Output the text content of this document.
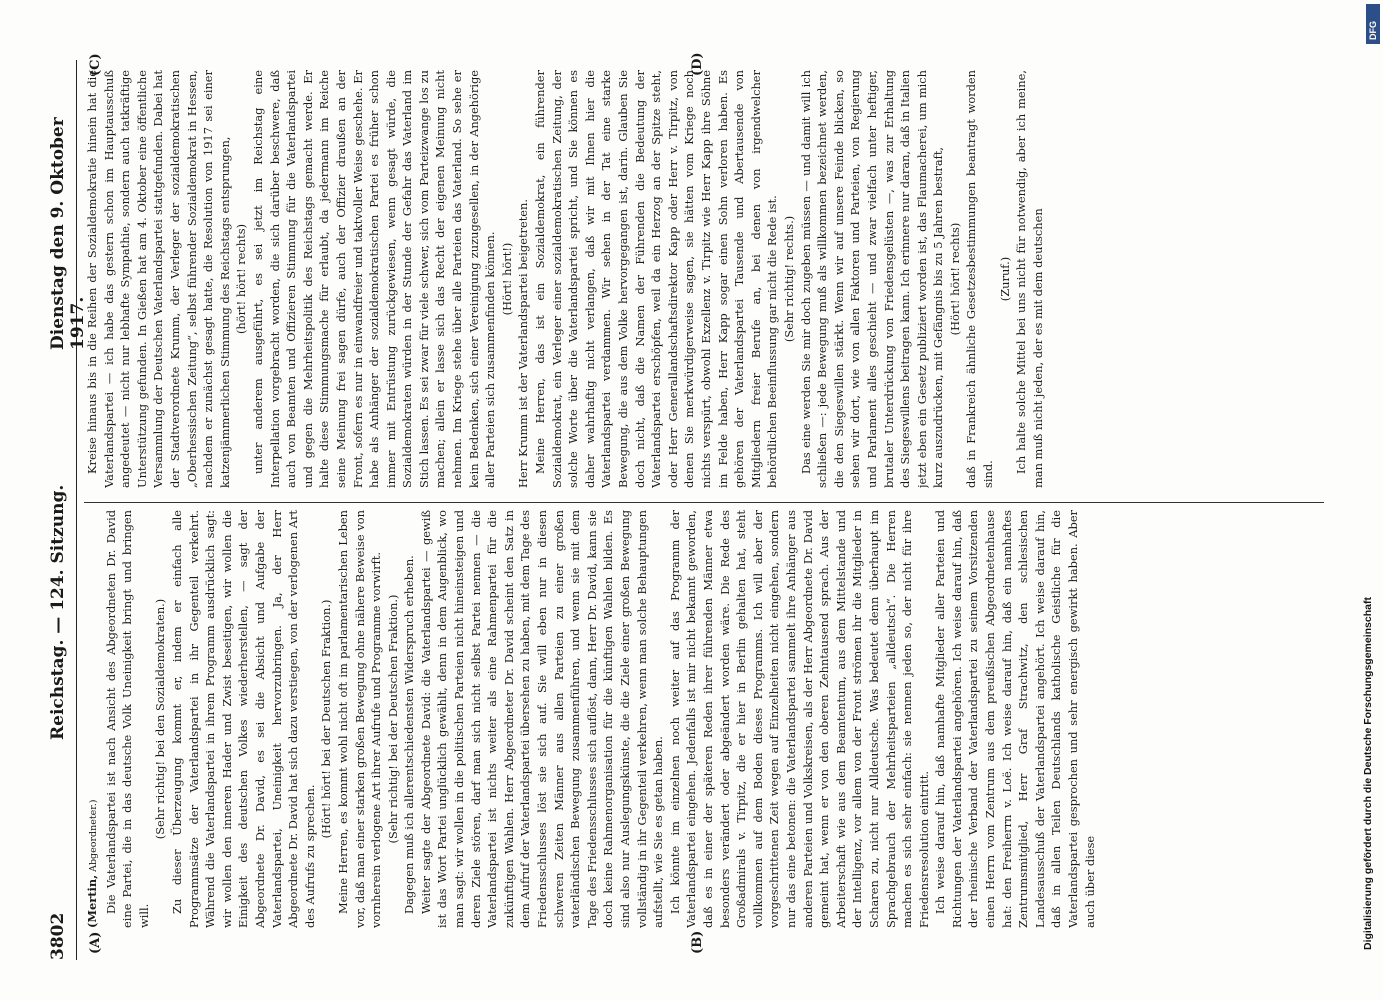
3802
Reichstag. — 124. Sitzung.
Dienstag den 9. Oktober 1917.
(A)	(B)
(C)	(D)

(Mertin, Abgeordneter.) Die Vaterlandspartei ist nach Ansicht des Abgeordneten Dr. David eine Partei, die in das deutsche Volk Uneinigkeit bringt und bringen will.

(Sehr richtig! bei den Sozialdemokraten.) Zu dieser Überzeugung kommt er, indem er einfach alle Programmsätze der Vaterlandspartei in ihr Gegenteil verkehrt. Während die Vaterlandspartei in ihrem Programm ausdrücklich sagt: wir wollen den inneren Hader und Zwist beseitigen, wir wollen die Einigkeit des deutschen Volkes wiederherstellen, — sagt der Abgeordnete Dr. David, es sei die Absicht und Aufgabe der Vaterlandspartei, Uneinigkeit hervorzubringen. Ja, der Herr Abgeordnete Dr. David hat sich dazu verstiegen, von der verlogenen Art des Aufrufs zu sprechen.

(Hört! hört! bei der Deutschen Fraktion.) Meine Herren, es kommt wohl nicht oft im parlamentarischen Leben vor, daß man einer starken großen Bewegung ohne nähere Beweise von vornherein verlogene Art ihrer Aufrufe und Programme vorwirft. (Sehr richtig! bei der Deutschen Fraktion.) Dagegen muß ich allerentschiedensten Widerspruch erheben. Weiter sagte der Abgeordnete David: die Vaterlandspartei — gewiß ist das Wort Partei unglücklich gewählt, denn in dem Augenblick, wo man sagt: wir wollen in die politischen Parteien nicht hineinsteigen und deren Ziele stören, darf man sich nicht selbst Partei nennen — die Vaterlandspartei ist nichts weiter als eine Rahmenpartei für die zukünftigen Wahlen. Herr Abgeordneter Dr. David scheint den Satz in dem Aufruf der Vaterlandspartei übersehen zu haben, mit dem Tage des Friedensschlusses löst sie sich auf. Sie will eben nur in diesen schweren Zeiten Männer aus allen Parteien zu einer großen vaterländischen Bewegung zusammenführen, und wenn sie mit dem Tage des Friedensschlusses sich auflöst, dann, Herr Dr. David, kann sie doch keine Rahmenorganisation für die künftigen Wahlen bilden. Es sind also nur Auslegungskünste, die die Ziele einer großen Bewegung vollständig in ihr Gegenteil verkehren, wenn man solche Behauptungen aufstellt, wie Sie es getan haben. Ich könnte im einzelnen noch weiter auf das Programm der Vaterlandspartei eingehen. Jedenfalls ist mir nicht bekannt geworden, daß es in einer der späteren Reden ihrer führenden Männer etwa besonders verändert oder abgeändert worden wäre. Die Rede des Großadmirals v. Tirpitz, die er hier in Berlin gehalten hat, steht vollkommen auf dem Boden dieses Programms. Ich will aber der vorgeschrittenen Zeit wegen auf Einzelheiten nicht eingehen, sondern nur das eine betonen: die Vaterlandspartei sammelt ihre Anhänger aus anderen Parteien und Volkskreisen, als der Herr Abgeordnete Dr. David gemeint hat, wenn er von den oberen Zehntausend sprach. Aus der Arbeiterschaft wie aus dem Beamtentum, aus dem Mittelstande und der Intelligenz, vor allem von der Front strömen ihr die Mitglieder in Scharen zu, nicht nur Alldeutsche. Was bedeutet denn überhaupt im Sprachgebrauch der Mehrheitsparteien „alldeutsch“. Die Herren machen es sich sehr einfach: sie nennen jeden so, der nicht für ihre Friedensresolution eintritt. Ich weise darauf hin, daß namhafte Mitglieder aller Parteien und Richtungen der Vaterlandspartei angehören. Ich weise darauf hin, daß der rheinische Verband der Vaterlandspartei zu seinem Vorsitzenden einen Herrn vom Zentrum aus dem preußischen Abgeordnetenhause hat: den Freiherrn v. Loë. Ich weise darauf hin, daß ein namhaftes Zentrumsmitglied, Herr Graf Strachwitz, den schlesischen Landesausschuß der Vaterlandspartei angehört. Ich weise darauf hin, daß in allen Teilen Deutschlands katholische Geistliche für die Vaterlandspartei gesprochen und sehr energisch gewirkt haben. Aber auch über diese

Kreise hinaus bis in die Reihen der Sozialdemokratie hinein hat die Vaterlandspartei — ich habe das gestern schon im Hauptausschuß angedeutet — nicht nur lebhafte Sympathie, sondern auch tatkräftige Unterstützung gefunden. In Gießen hat am 4. Oktober eine öffentliche Versammlung der Deutschen Vaterlandspartei stattgefunden. Dabei hat der Stadtverordnete Krumm, der Verleger der sozialdemokratischen „Oberhessischen Zeitung“, selbst führender Sozialdemokrat in Hessen, nachdem er zunächst gesagt hatte, die Resolution von 1917 sei einer katzenjämmerlichen Stimmung des Reichstags entsprungen, (hört! hört! rechts) unter anderem ausgeführt, es sei jetzt im Reichstag eine Interpellation vorgebracht worden, die sich darüber beschwere, daß auch von Beamten und Offizieren Stimmung für die Vaterlandspartei und gegen die Mehrheitspolitik des Reichstags gemacht werde. Er halte diese Stimmungsmache für erlaubt, da jedermann im Reiche seine Meinung frei sagen dürfe, auch der Offizier draußen an der Front, sofern es nur in einwandfreier und taktvoller Weise geschehe. Er habe als Anhänger der sozialdemokratischen Partei es früher schon immer mit Entrüstung zurückgewiesen, wenn gesagt würde, die Sozialdemokraten würden in der Stunde der Gefahr das Vaterland im Stich lassen. Es sei zwar für viele schwer, sich vom Parteizwange los zu machen; allein er lasse sich das Recht der eigenen Meinung nicht nehmen. Im Kriege stehe über alle Parteien das Vaterland. So sehe er kein Bedenken, sich einer Vereinigung zuzugesellen, in der Angehörige aller Parteien sich zusammenfinden können. (Hört! hört!) Herr Krumm ist der Vaterlandspartei beigetreten. Meine Herren, das ist ein Sozialdemokrat, ein führender Sozialdemokrat, ein Verleger einer sozialdemokratischen Zeitung, der solche Worte über die Vaterlandspartei spricht, und Sie können es daher wahrhaftig nicht verlangen, daß wir mit Ihnen hier die Vaterlandspartei verdammen. Wir sehen in der Tat eine starke Bewegung, die aus dem Volke hervorgegangen ist, darin. Glauben Sie doch nicht, daß die Namen der Führenden die Bedeutung der Vaterlandspartei erschöpfen, weil da ein Herzog an der Spitze steht, oder Herr Generallandschaftsdirektor Kapp oder Herr v. Tirpitz, von denen Sie merkwürdigerweise sagen, sie hätten vom Kriege noch nichts verspürt, obwohl Exzellenz v. Tirpitz wie Herr Kapp ihre Söhne im Felde haben, Herr Kapp sogar einen Sohn verloren haben. Es gehören der Vaterlandspartei Tausende und Abertausende von Mitgliedern freier Berufe an, bei denen von irgendwelcher behördlichen Beeinflussung gar nicht die Rede ist. (Sehr richtig! rechts.) Das eine werden Sie mir doch zugeben müssen — und damit will ich schließen —: jede Bewegung muß als willkommen bezeichnet werden, die den Siegeswillen stärkt. Wenn wir auf unsere Feinde blicken, so sehen wir dort, wie von allen Faktoren und Parteien, von Regierung und Parlament alles geschieht — und zwar vielfach unter heftiger, brutaler Unterdrückung von Friedensgelüsten —, was zur Erhaltung des Siegeswillens beitragen kann. Ich erinnere nur daran, daß in Italien jetzt eben ein Gesetz publiziert worden ist, das Flaumacherei, um mich kurz auszudrücken, mit Gefängnis bis zu 5 Jahren bestraft, (Hört! hört! rechts) daß in Frankreich ähnliche Gesetzesbestimmungen beantragt worden sind.

(Zuruf.) Ich halte solche Mittel bei uns nicht für notwendig, aber ich meine, man muß nicht jeden, der es mit dem deutschen

Digitalisierung gefördert durch die Deutsche Forschungsgemeinschaft
DFG
